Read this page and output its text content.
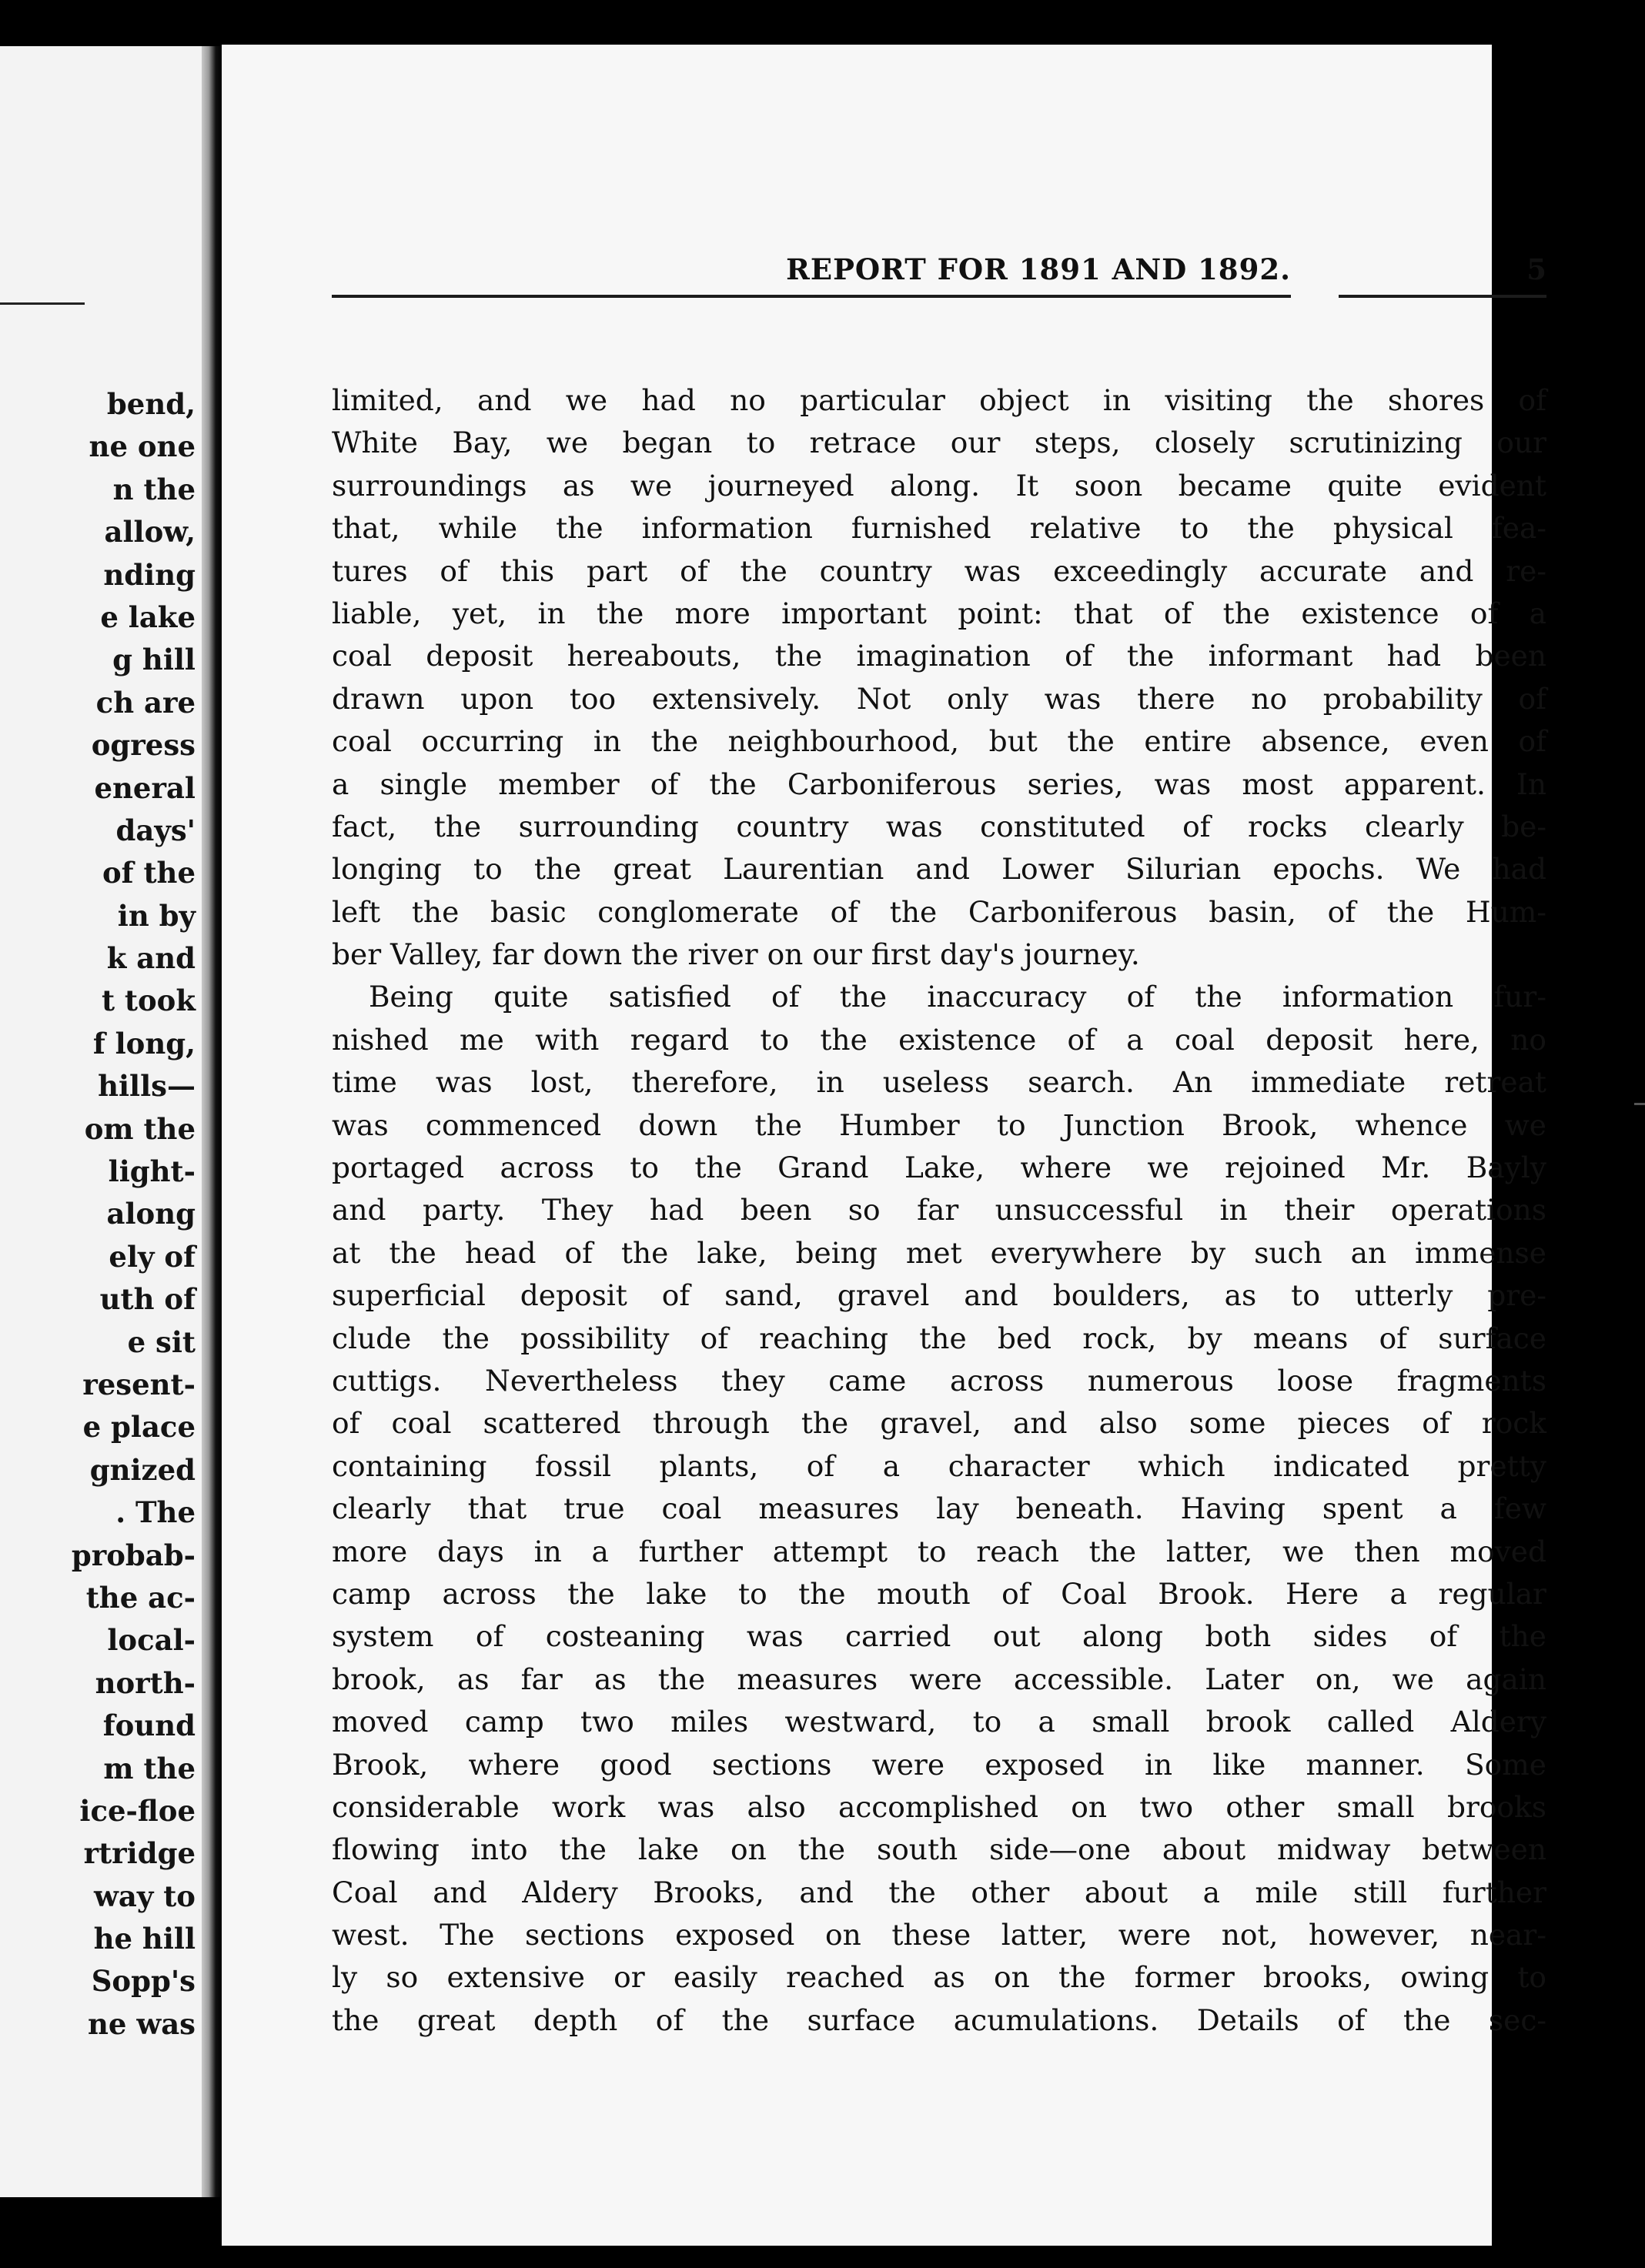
bend,
ne one
n the
allow,
nding
e lake
g hill
ch are
ogress
eneral
days'
of the
in by
k and
t took
f long,
hills—
om the
light-
along
ely of
uth of
e sit
resent-
e place
gnized
. The
probab-
the ac-
local-
north-
found
m the
ice-floe
rtridge
way to
he hill
Sopp's
ne was
REPORT FOR 1891 AND 1892.	5
limited, and we had no particular object in visiting the shores of
White Bay, we began to retrace our steps, closely scrutinizing our
surroundings as we journeyed along. It soon became quite evident
that, while the information furnished relative to the physical fea-
tures of this part of the country was exceedingly accurate and re-
liable, yet, in the more important point: that of the existence of a
coal deposit hereabouts, the imagination of the informant had been
drawn upon too extensively. Not only was there no probability of
coal occurring in the neighbourhood, but the entire absence, even of
a single member of the Carboniferous series, was most apparent. In
fact, the surrounding country was constituted of rocks clearly be-
longing to the great Laurentian and Lower Silurian epochs. We had
left the basic conglomerate of the Carboniferous basin, of the Hum-
ber Valley, far down the river on our first day's journey.
Being quite satisfied of the inaccuracy of the information fur-
nished me with regard to the existence of a coal deposit here, no
time was lost, therefore, in useless search. An immediate retreat
was commenced down the Humber to Junction Brook, whence we
portaged across to the Grand Lake, where we rejoined Mr. Bayly
and party. They had been so far unsuccessful in their operations
at the head of the lake, being met everywhere by such an immense
superficial deposit of sand, gravel and boulders, as to utterly pre-
clude the possibility of reaching the bed rock, by means of surface
cuttigs. Nevertheless they came across numerous loose fragments
of coal scattered through the gravel, and also some pieces of rock
containing fossil plants, of a character which indicated pretty
clearly that true coal measures lay beneath. Having spent a few
more days in a further attempt to reach the latter, we then moved
camp across the lake to the mouth of Coal Brook. Here a regular
system of costeaning was carried out along both sides of the
brook, as far as the measures were accessible. Later on, we again
moved camp two miles westward, to a small brook called Aldery
Brook, where good sections were exposed in like manner. Some
considerable work was also accomplished on two other small brooks
flowing into the lake on the south side—one about midway between
Coal and Aldery Brooks, and the other about a mile still further
west. The sections exposed on these latter, were not, however, near-
ly so extensive or easily reached as on the former brooks, owing to
the great depth of the surface acumulations. Details of the sec-
